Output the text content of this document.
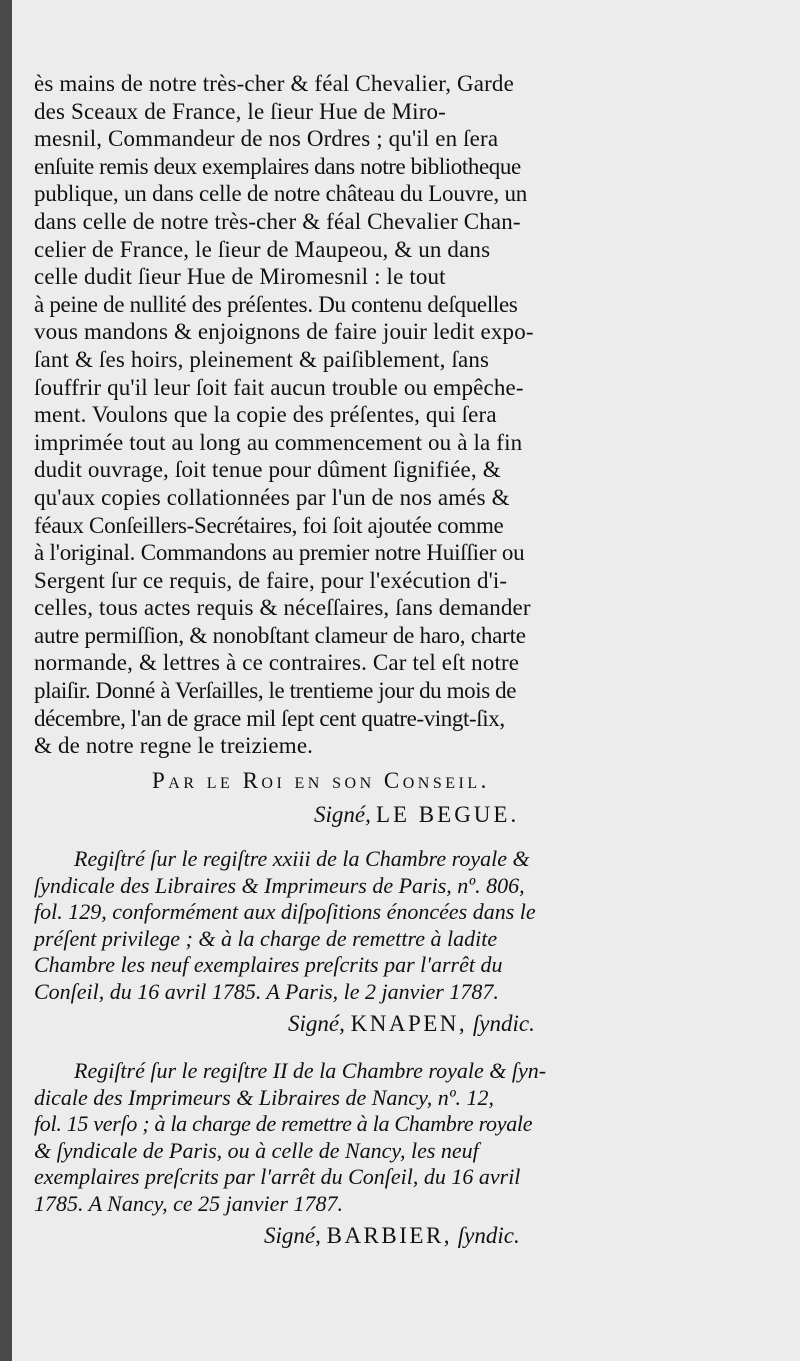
ès mains de notre très-cher & féal Chevalier, Garde
des Sceaux de France, le ſieur Hue de Miro-
mesnil, Commandeur de nos Ordres ; qu'il en ſera
enſuite remis deux exemplaires dans notre bibliotheque
publique, un dans celle de notre château du Louvre, un
dans celle de notre très-cher & féal Chevalier Chan-
celier de France, le ſieur de Maupeou, & un dans
celle dudit ſieur Hue de Miromesnil : le tout
à peine de nullité des préſentes. Du contenu deſquelles
vous mandons & enjoignons de faire jouir ledit expo-
ſant & ſes hoirs, pleinement & paiſiblement, ſans
ſouffrir qu'il leur ſoit fait aucun trouble ou empêche-
ment. Voulons que la copie des préſentes, qui ſera
imprimée tout au long au commencement ou à la fin
dudit ouvrage, ſoit tenue pour dûment ſignifiée, &
qu'aux copies collationnées par l'un de nos amés &
féaux Conſeillers-Secrétaires, foi ſoit ajoutée comme
à l'original. Commandons au premier notre Huiſſier ou
Sergent ſur ce requis, de faire, pour l'exécution d'i-
celles, tous actes requis & néceſſaires, ſans demander
autre permiſſion, & nonobſtant clameur de haro, charte
normande, & lettres à ce contraires. Car tel eſt notre
plaiſir. Donné à Verſailles, le trentieme jour du mois de
décembre, l'an de grace mil ſept cent quatre-vingt-ſix,
& de notre regne le treizieme.
Par le Roi en son Conseil.
Signé, LE BEGUE.
Regiſtré ſur le regiſtre xxiii de la Chambre royale &
ſyndicale des Libraires & Imprimeurs de Paris, nº. 806,
fol. 129, conformément aux diſpoſitions énoncées dans le
préſent privilege ; & à la charge de remettre à ladite
Chambre les neuf exemplaires preſcrits par l'arrêt du
Conſeil, du 16 avril 1785. A Paris, le 2 janvier 1787.
Signé, KNAPEN, ſyndic.
Regiſtré ſur le regiſtre II de la Chambre royale & ſyn-
dicale des Imprimeurs & Libraires de Nancy, nº. 12,
fol. 15 verſo ; à la charge de remettre à la Chambre royale
& ſyndicale de Paris, ou à celle de Nancy, les neuf
exemplaires preſcrits par l'arrêt du Conſeil, du 16 avril
1785. A Nancy, ce 25 janvier 1787.
Signé, BARBIER, ſyndic.
